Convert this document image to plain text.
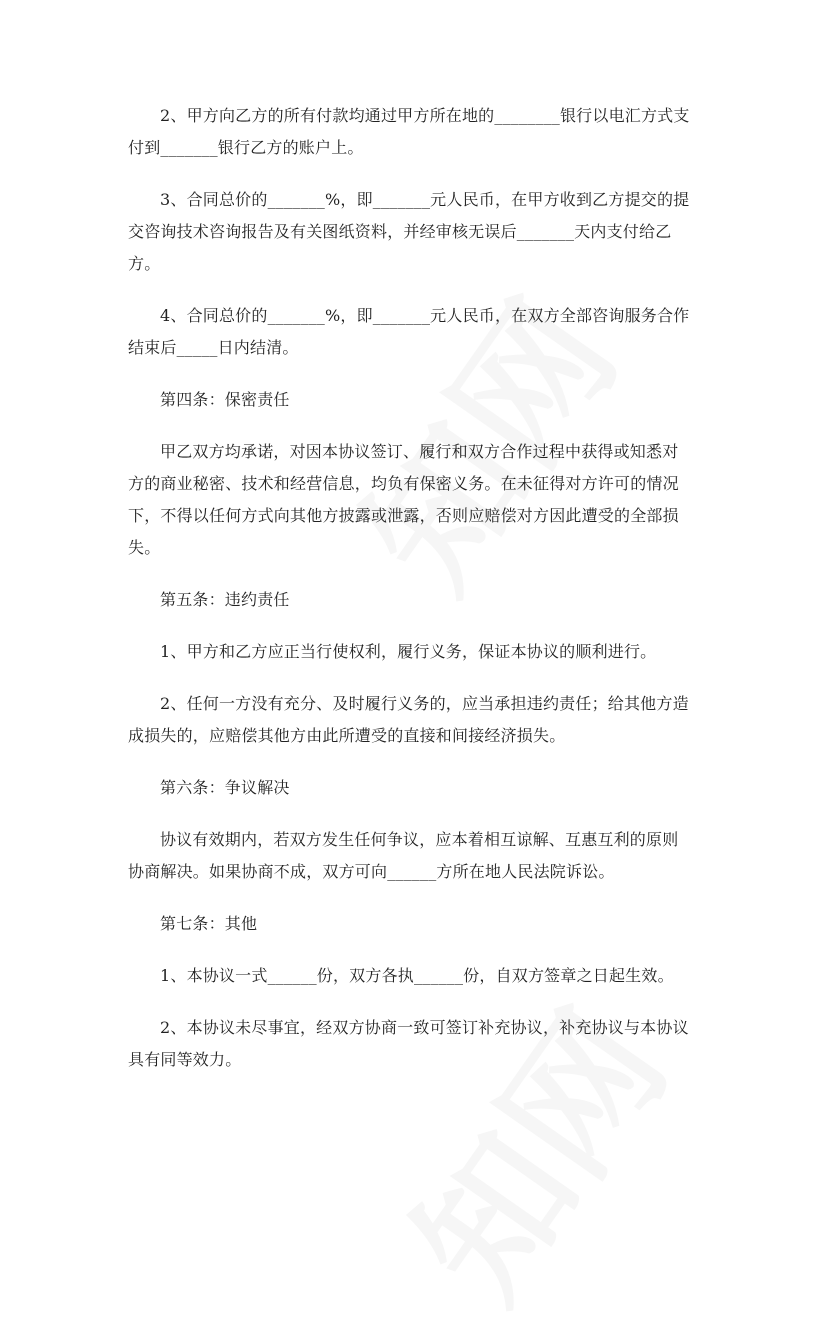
2、甲方向乙方的所有付款均通过甲方所在地的________银行以电汇方式支
付到_______银行乙方的账户上。
3、合同总价的_______%，即_______元人民币，在甲方收到乙方提交的提
交咨询技术咨询报告及有关图纸资料，并经审核无误后_______天内支付给乙
方。
4、合同总价的_______%，即_______元人民币，在双方全部咨询服务合作
结束后_____日内结清。
第四条：保密责任
甲乙双方均承诺，对因本协议签订、履行和双方合作过程中获得或知悉对
方的商业秘密、技术和经营信息，均负有保密义务。在未征得对方许可的情况
下，不得以任何方式向其他方披露或泄露，否则应赔偿对方因此遭受的全部损
失。
第五条：违约责任
1、甲方和乙方应正当行使权利，履行义务，保证本协议的顺利进行。
2、任何一方没有充分、及时履行义务的，应当承担违约责任；给其他方造
成损失的，应赔偿其他方由此所遭受的直接和间接经济损失。
第六条：争议解决
协议有效期内，若双方发生任何争议，应本着相互谅解、互惠互利的原则
协商解决。如果协商不成，双方可向______方所在地人民法院诉讼。
第七条：其他
1、本协议一式______份，双方各执______份，自双方签章之日起生效。
2、本协议未尽事宜，经双方协商一致可签订补充协议，补充协议与本协议
具有同等效力。
